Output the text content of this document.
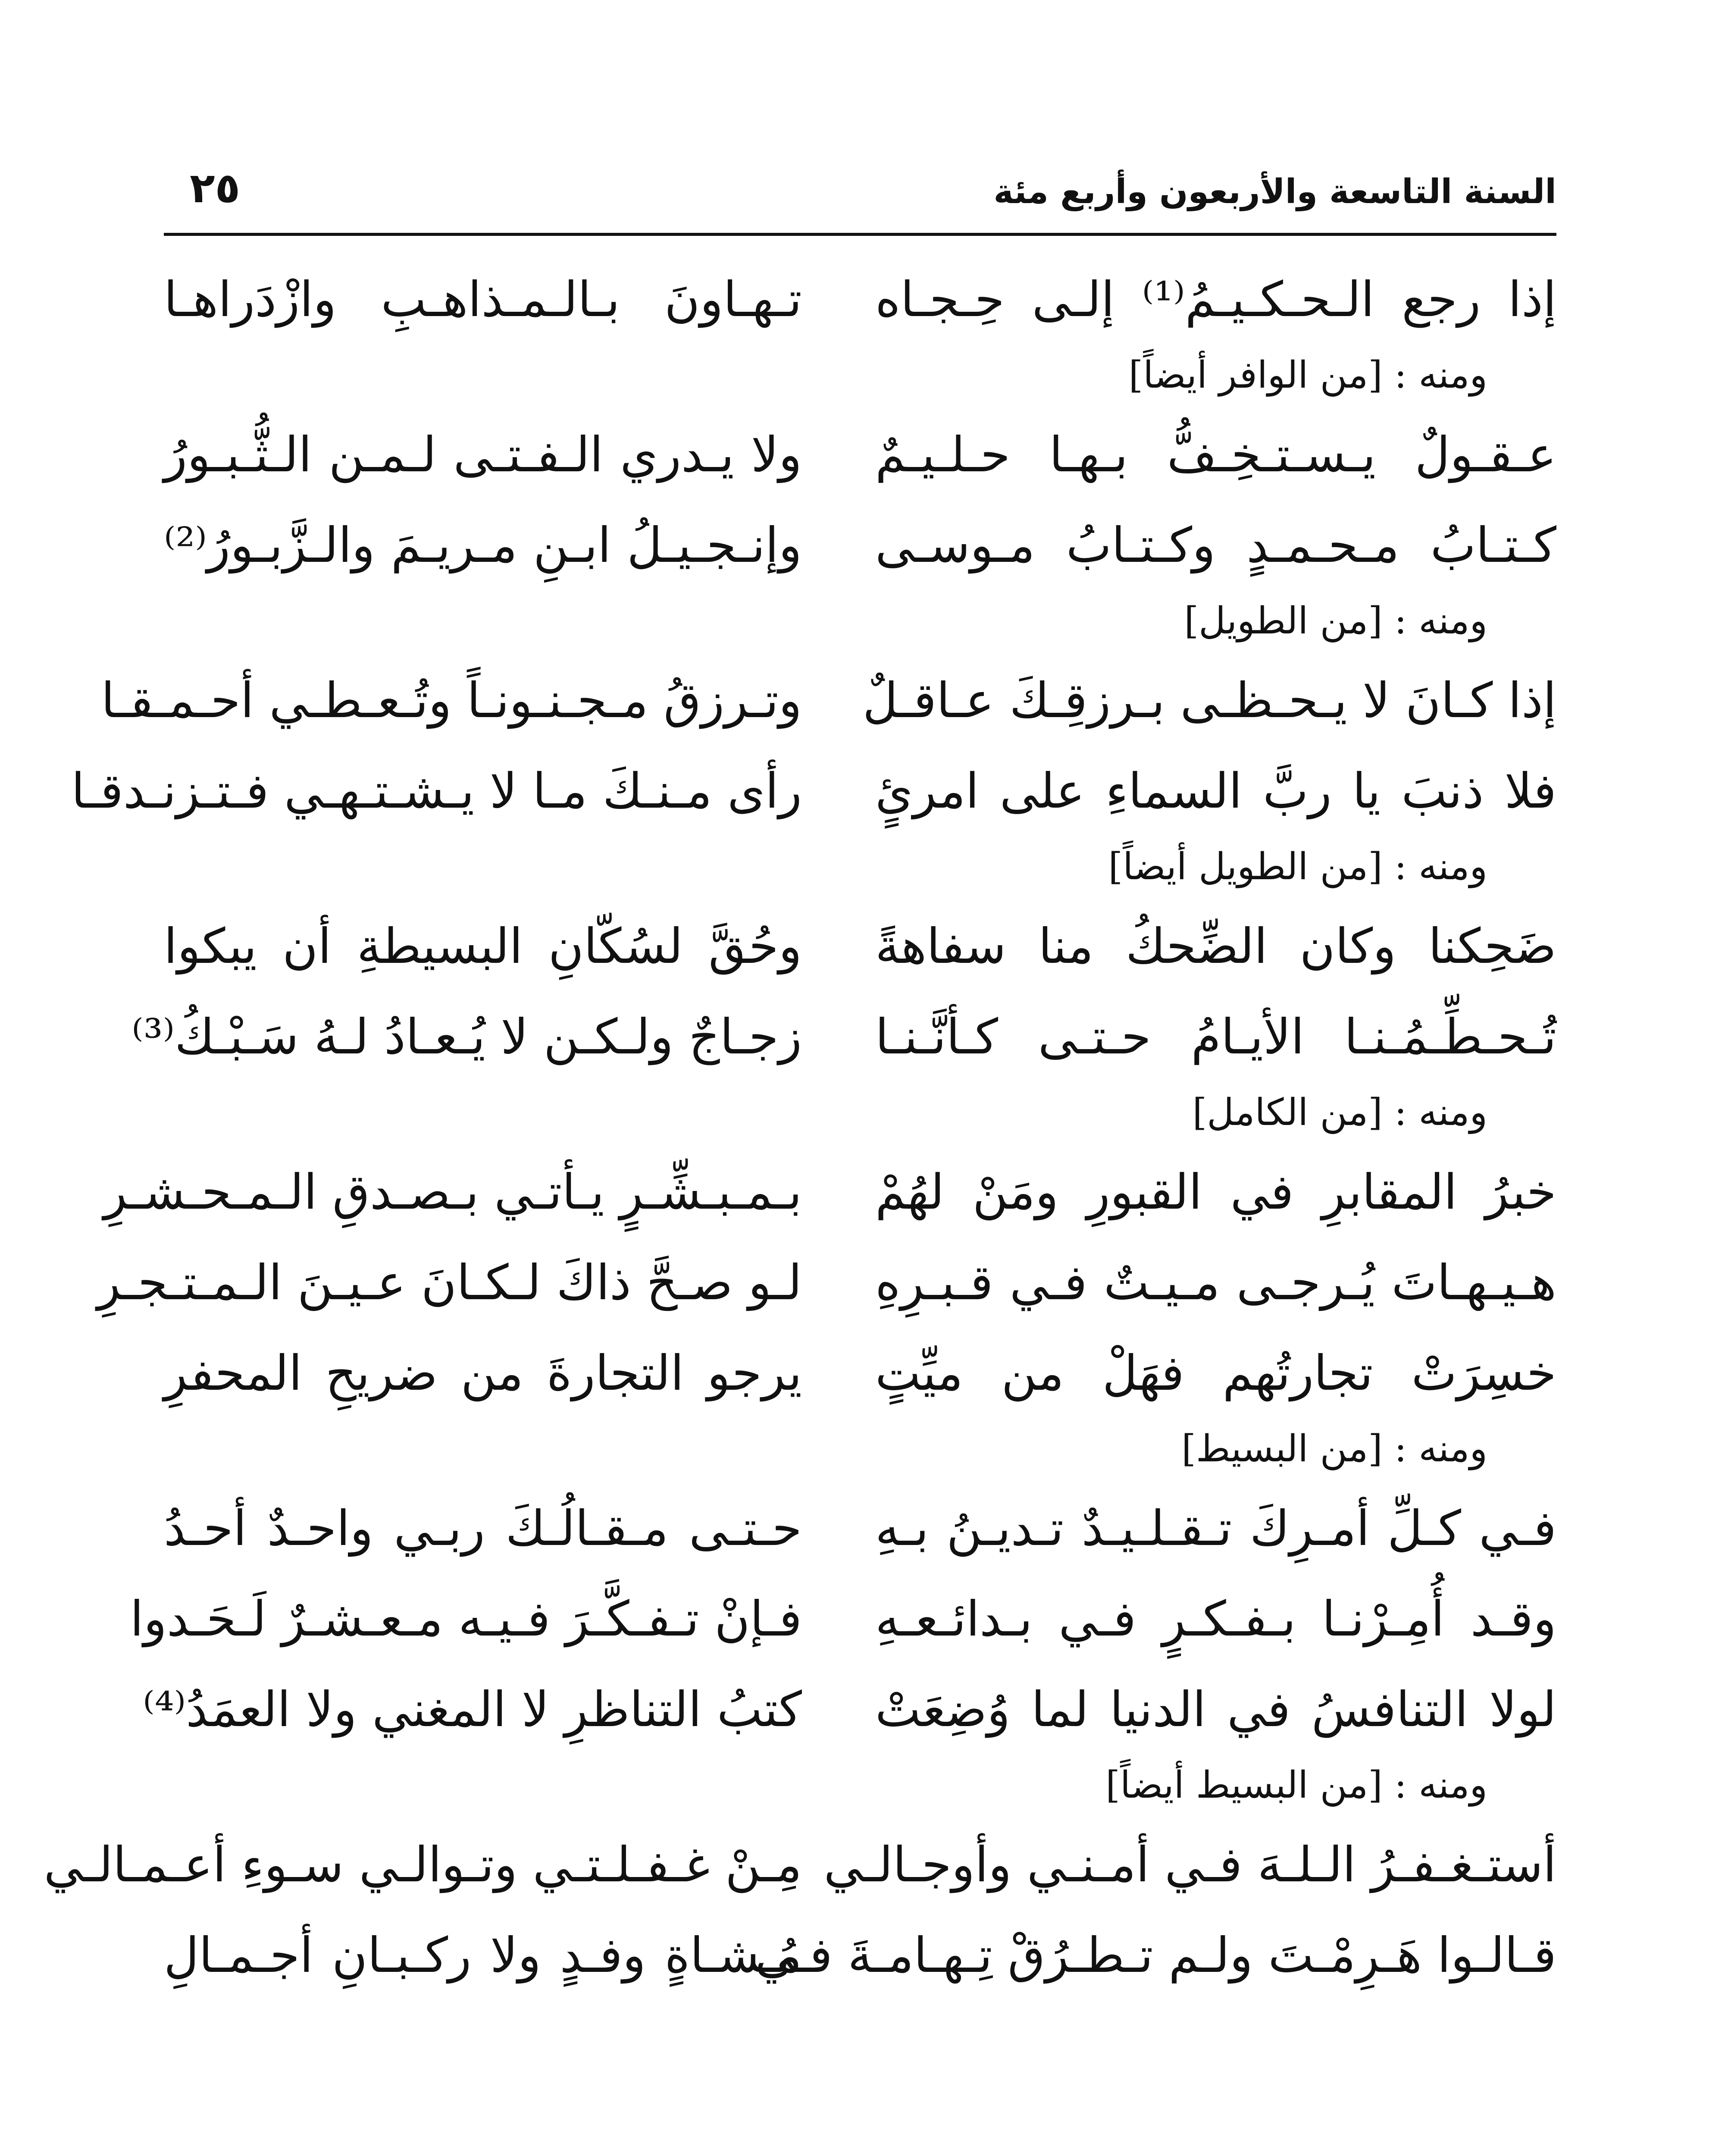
السنة التاسعة والأربعون وأربع مئة
٢٥
إذا رجع الـحـكـيـمُ⁽¹⁾ إلـى حِـجـاه
تـهـاونَ بـالـمـذاهـبِ وازْدَراهـا
ومنه : [من الوافر أيضاً]
عـقـولٌ يـسـتـخِـفُّ بـهـا حـلـيـمٌ
ولا يـدري الـفـتـى لـمـن الـثُّـبـورُ
كـتـابُ مـحـمـدٍ وكـتـابُ مـوسـى
وإنـجـيـلُ ابـنِ مـريـمَ والـزَّبـورُ⁽²⁾
ومنه : [من الطويل]
إذا كـانَ لا يـحـظـى بـرزقِـكَ عـاقـلٌ
وتـرزقُ مـجـنـونـاً وتُـعـطـي أحـمـقـا
فلا ذنبَ يا ربَّ السماءِ على امرئٍ
رأى مـنـكَ مـا لا يـشـتـهـي فـتـزنـدقـا
ومنه : [من الطويل أيضاً]
ضَحِكنا وكان الضِّحكُ منا سفاهةً
وحُقَّ لسُكّانِ البسيطةِ أن يبكوا
تُـحـطِّـمُـنـا الأيـامُ حـتـى كـأنَّـنـا
زجـاجٌ ولـكـن لا يُـعـادُ لـهُ سَـبْـكُ⁽³⁾
ومنه : [من الكامل]
خبرُ المقابرِ في القبورِ ومَنْ لهُمْ
بـمـبـشِّـرٍ يـأتـي بـصـدقِ الـمـحـشـرِ
هـيـهـاتَ يُـرجـى مـيـتٌ فـي قـبـرِهِ
لـو صـحَّ ذاكَ لـكـانَ عـيـنَ الـمـتـجـرِ
خسِرَتْ تجارتُهم فهَلْ من ميِّتٍ
يرجو التجارةَ من ضريحِ المحفرِ
ومنه : [من البسيط]
فـي كـلِّ أمـرِكَ تـقـلـيـدٌ تـديـنُ بـهِ
حـتـى مـقـالُـكَ ربـي واحـدٌ أحـدُ
وقـد أُمِـرْنـا بـفـكـرٍ فـي بـدائـعـهِ
فـإنْ تـفـكَّـرَ فـيـه مـعـشـرٌ لَـحَـدوا
لولا التنافسُ في الدنيا لما وُضِعَتْ
كتبُ التناظرِ لا المغني ولا العمَدُ⁽⁴⁾
ومنه : [من البسيط أيضاً]
أستـغـفـرُ الـلـهَ فـي أمـنـي وأوجـالـي
مِـنْ غـفـلـتـي وتـوالـي سـوءِ أعـمـالـي
قـالـوا هَـرِمْـتَ ولـم تـطـرُقْ تِـهـامـةَ فـي
مُـشـاةٍ وفـدٍ ولا ركـبـانِ أجـمـالِ
